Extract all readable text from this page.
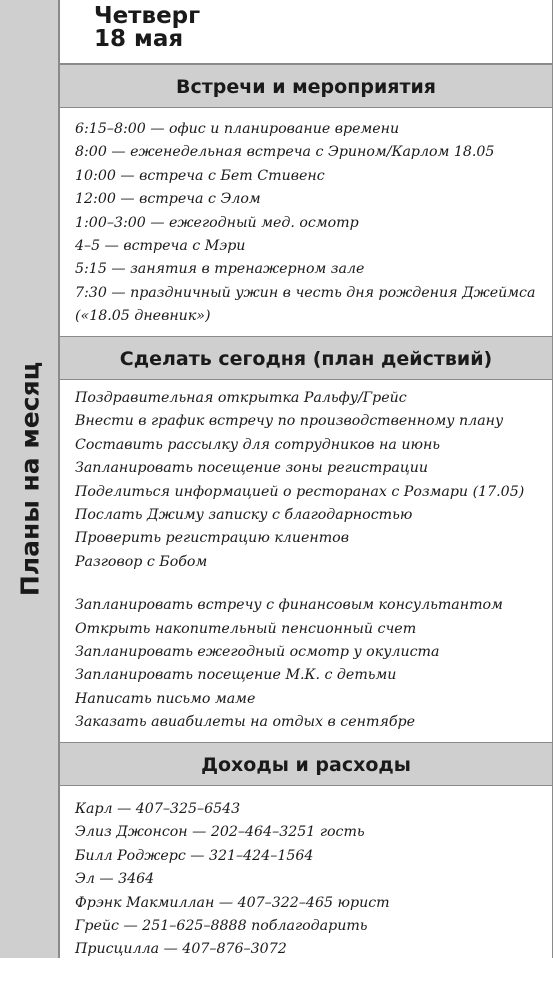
Планы на месяц
Четверг
18 мая
Встречи и мероприятия
6:15–8:00 — офис и планирование времени
8:00 — еженедельная встреча с Эрином/Карлом 18.05
10:00 — встреча с Бет Стивенс
12:00 — встреча с Элом
1:00–3:00 — ежегодный мед. осмотр
4–5 — встреча с Мэри
5:15 — занятия в тренажерном зале
7:30 — праздничный ужин в честь дня рождения Джеймса
(«18.05 дневник»)
Сделать сегодня (план действий)
Поздравительная открытка Ральфу/Грейс
Внести в график встречу по производственному плану
Составить рассылку для сотрудников на июнь
Запланировать посещение зоны регистрации
Поделиться информацией о ресторанах с Розмари (17.05)
Послать Джиму записку с благодарностью
Проверить регистрацию клиентов
Разговор с Бобом
Запланировать встречу с финансовым консультантом
Открыть накопительный пенсионный счет
Запланировать ежегодный осмотр у окулиста
Запланировать посещение М.К. с детьми
Написать письмо маме
Заказать авиабилеты на отдых в сентябре
Доходы и расходы
Карл — 407–325–6543
Элиз Джонсон — 202–464–3251 гость
Билл Роджерс — 321–424–1564
Эл — 3464
Фрэнк Макмиллан — 407–322–465 юрист
Грейс — 251–625–8888 поблагодарить
Присцилла — 407–876–3072
